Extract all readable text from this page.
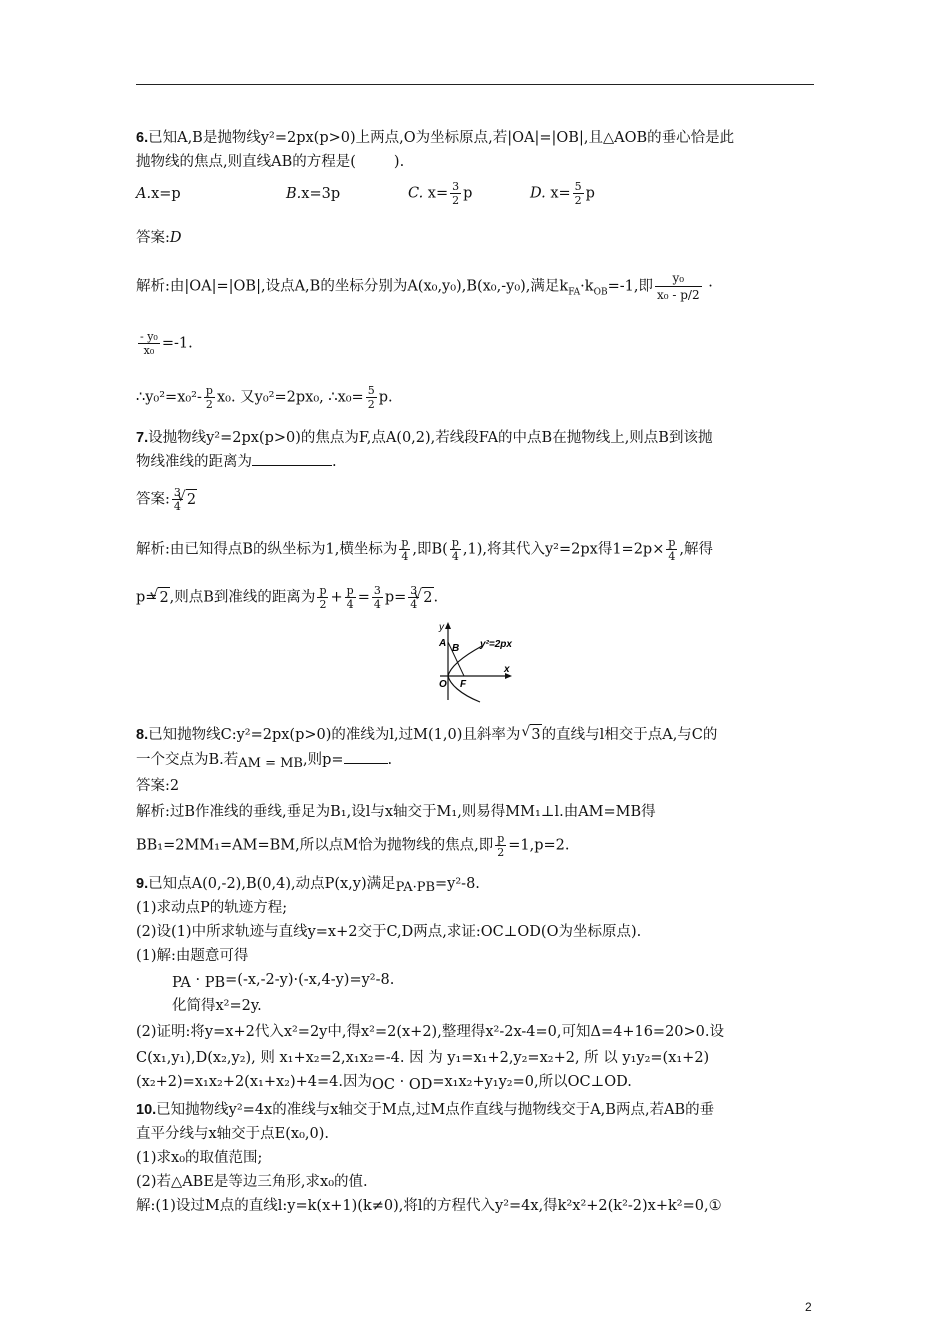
6.已知A,B是抛物线y²=2px(p>0)上两点,O为坐标原点,若|OA|=|OB|,且△AOB的垂心恰是此
抛物线的焦点,则直线AB的方程是(	).
A.x=p	B.x=3p	C. $x= \frac{3}{2}$ p	D. $x= \frac{5}{2}$ p
答案:D
解析:由|OA|=|OB|,设点A,B的坐标分别为A(x₀,y₀),B(x₀,-y₀),满足$k_{FA}\cdot k_{OB}=-1$,即 $\frac{\text{y₀}}{\text{x₀ - p/2}}$ ·
$\frac{\text{- y₀}}{\text{x₀}} =-1$.
∴y₀²=x₀²- $\frac{p}{2} x_0$. 又y₀²=2px₀, ∴x₀= $\frac{5}{2} p$.
7.设抛物线y²=2px(p>0)的焦点为F,点A(0,2),若线段FA的中点B在抛物线上,则点B到该抛
物线准线的距离为	.
答案: $\frac{3}{4}$ √ 2
解析:由已知得点B的纵坐标为1,横坐标为 $\frac{p}{4}$ ,即$B( \frac{p}{4} ,1)$,将其代入y²=2px得$1=2p\times \frac{p}{4}$ ,解得
p= √ 2,则点B到准线的距离为 $\frac{p}{2} + \frac{p}{4} = \frac{3}{4} p= \frac{3}{4}$ √ 2.
y
B
A	y²=2px
O F
x
8.已知抛物线C:y²=2px(p>0)的准线为l,过M(1,0)且斜率为 √ 3的直线与l相交于点A,与C的
一个交点为B.若AM = MB,则p=	.
答案:2
解析:过B作准线的垂线,垂足为B₁,设l与x轴交于M₁,则易得MM₁⊥l.由AM=MB得
BB₁=2MM₁=AM=BM,所以点M恰为抛物线的焦点,即 $\frac{p}{2} =1,p=2$.
9.已知点A(0,-2),B(0,4),动点P(x,y)满足PA·PB=y²-8.
(1)求动点P的轨迹方程;
(2)设(1)中所求轨迹与直线y=x+2交于C,D两点,求证:OC⊥OD(O为坐标原点).
(1)解:由题意可得
PA · PB=(-x,-2-y)·(-x,4-y)=y²-8.
化简得x²=2y.
(2)证明:将y=x+2代入x²=2y中,得x²=2(x+2),整理得x²-2x-4=0,可知Δ=4+16=20>0.设
C(x₁,y₁),D(x₂,y₂), 则 x₁+x₂=2,x₁x₂=-4. 因 为 y₁=x₁+2,y₂=x₂+2, 所 以 y₁y₂=(x₁+2)
(x₂+2)=x₁x₂+2(x₁+x₂)+4=4.因为OC · OD=x₁x₂+y₁y₂=0,所以OC⊥OD.
10.已知抛物线y²=4x的准线与x轴交于M点,过M点作直线与抛物线交于A,B两点,若AB的垂
直平分线与x轴交于点E(x₀,0).
(1)求x₀的取值范围;
(2)若△ABE是等边三角形,求x₀的值.
解:(1)设过M点的直线l:y=k(x+1)(k≠0),将l的方程代入y²=4x,得k²x²+2(k²-2)x+k²=0,①
2
